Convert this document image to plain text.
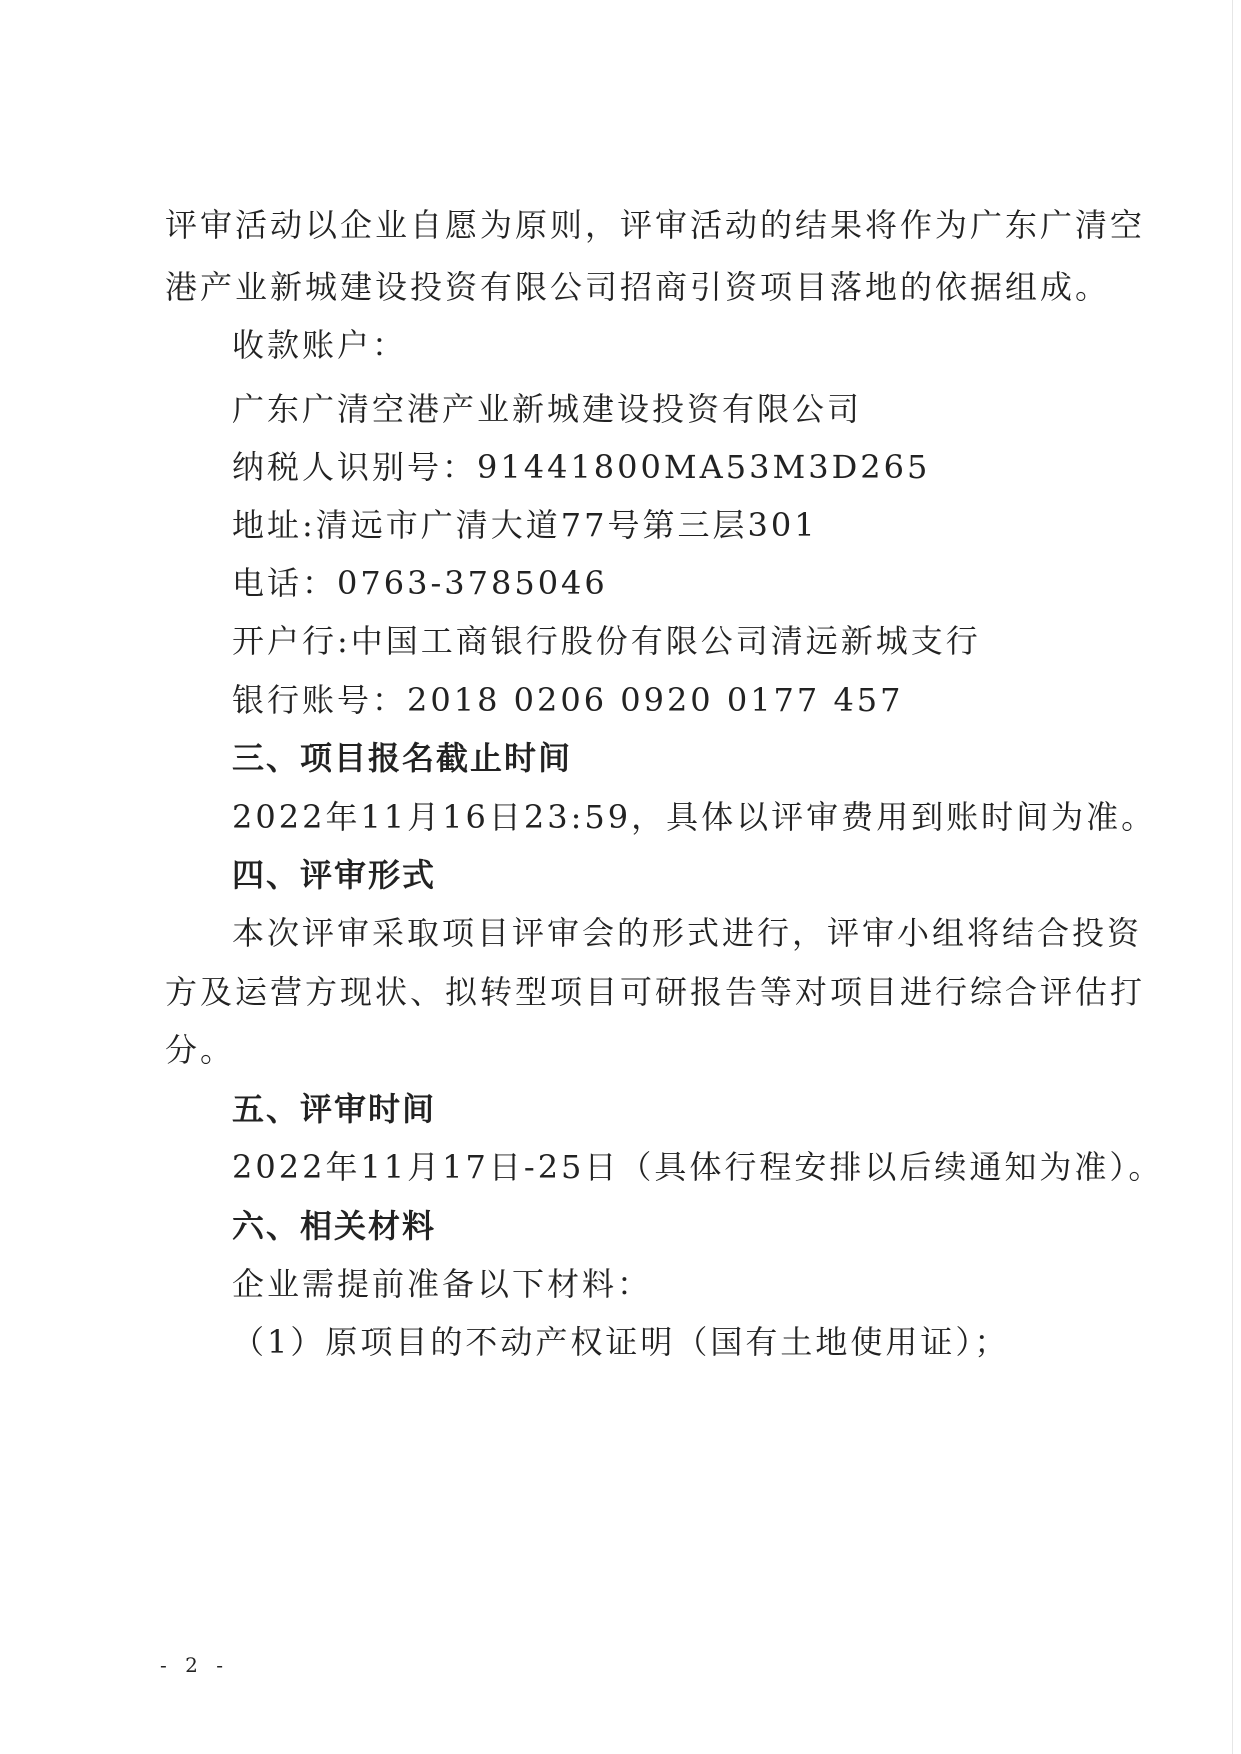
评审活动以企业自愿为原则，评审活动的结果将作为广东广清空
港产业新城建设投资有限公司招商引资项目落地的依据组成。
收款账户：
广东广清空港产业新城建设投资有限公司
纳税人识别号：91441800MA53M3D265
地址:清远市广清大道77号第三层301
电话：0763-3785046
开户行:中国工商银行股份有限公司清远新城支行
银行账号：2018 0206 0920 0177 457
三、项目报名截止时间
2022年11月16日23:59，具体以评审费用到账时间为准。
四、评审形式
本次评审采取项目评审会的形式进行，评审小组将结合投资
方及运营方现状、拟转型项目可研报告等对项目进行综合评估打
分。
五、评审时间
2022年11月17日-25日（具体行程安排以后续通知为准）。
六、相关材料
企业需提前准备以下材料：
（1）原项目的不动产权证明（国有土地使用证）；
- 2 -
